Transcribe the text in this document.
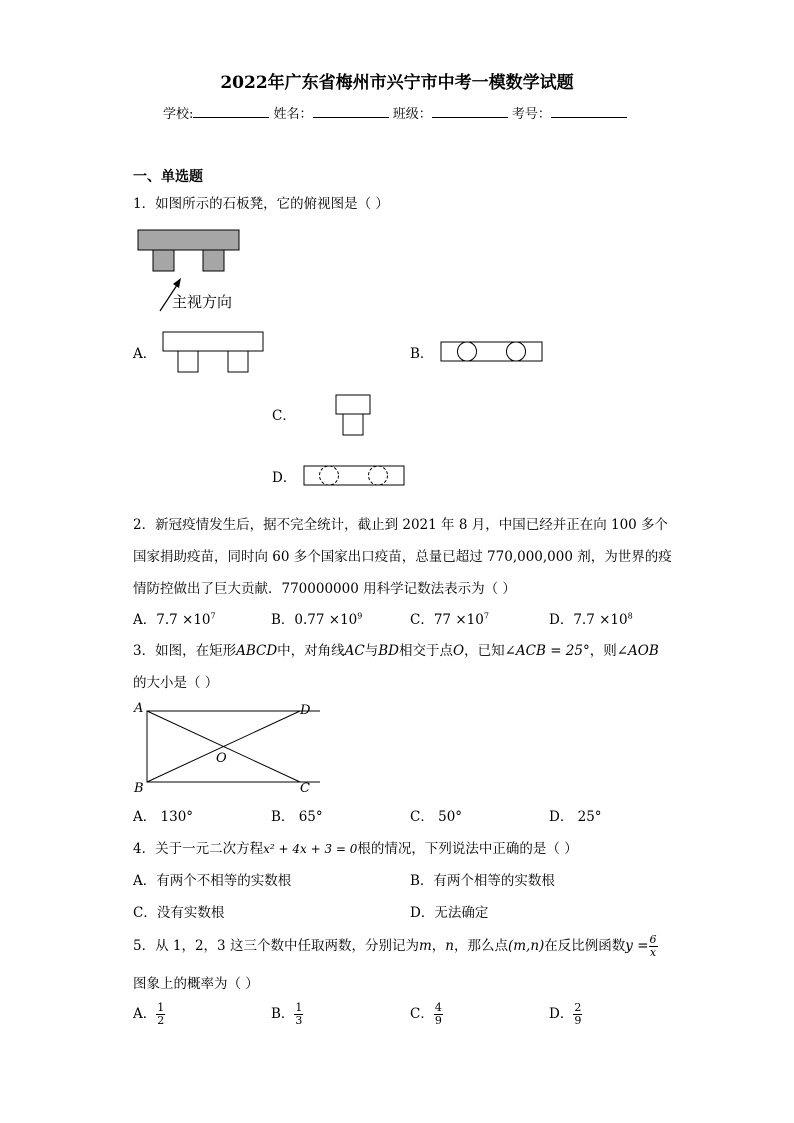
2022年广东省梅州市兴宁市中考一模数学试题
学校:	姓名：	班级：	考号：
一、单选题
1．如图所示的石板凳，它的俯视图是（ ）
主视方向
A．	B．
C．
D．
2．新冠疫情发生后，据不完全统计，截止到 2021 年 8 月，中国已经并正在向 100 多个
国家捐助疫苗，同时向 60 多个国家出口疫苗，总量已超过 770,000,000 剂，为世界的疫
情防控做出了巨大贡献．770000000 用科学记数法表示为（ ）
A．$7.7 \times 10^7$	B．$0.77 \times 10^9$	C．$77 \times 10^7$	D．$7.7 \times 10^8$
3．如图，在矩形ABCD中，对角线AC与BD相交于点O，已知∠ACB = 25°，则∠AOB
的大小是（ ）
A
B	C
D
O
A． 130°	B． 65°	C． 50°	D． 25°
4．关于一元二次方程x² + 4x + 3 = 0根的情况，下列说法中正确的是（ ）
A．有两个不相等的实数根	B．有两个相等的实数根
C．没有实数根	D．无法确定
5．从 1，2，3 这三个数中任取两数，分别记为m，n，那么点(m,n)在反比例函数$y = \frac{6}{x}$
图象上的概率为（ ）
A． $\frac{1}{2}$	B． $\frac{1}{3}$	C． $\frac{4}{9}$	D． $\frac{2}{9}$
